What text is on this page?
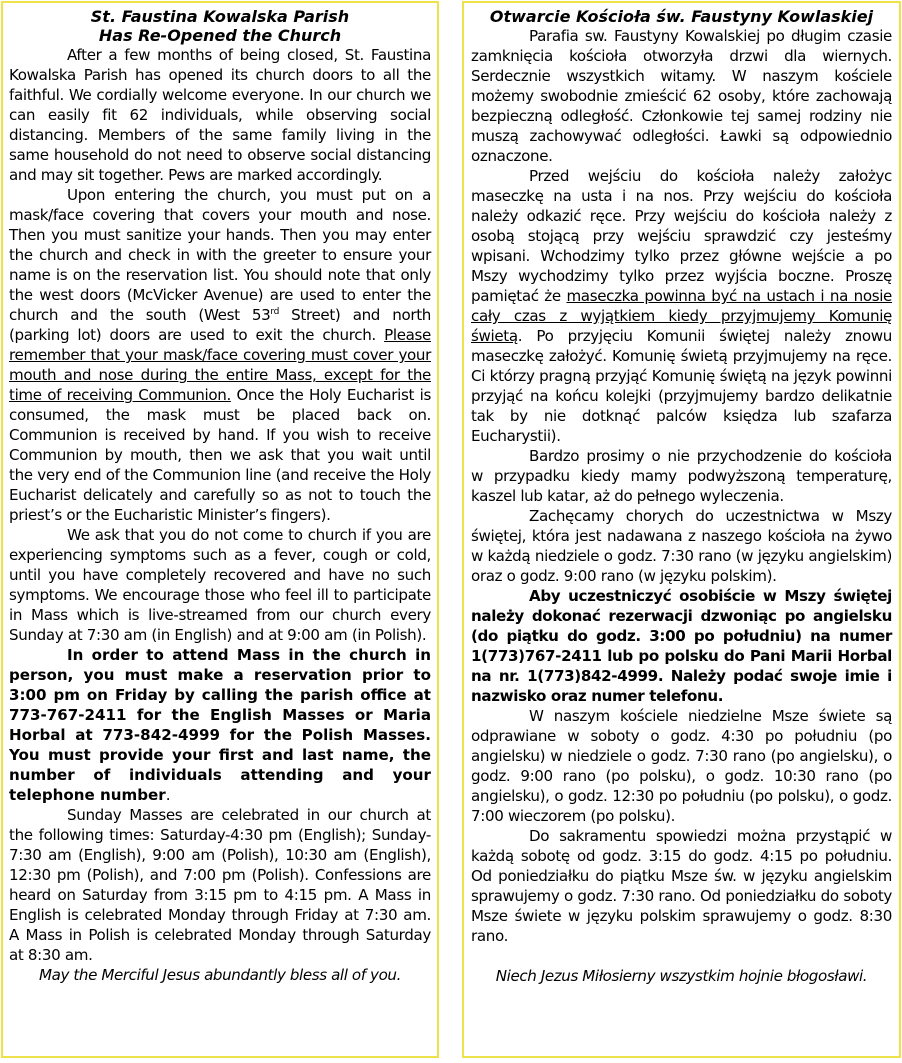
St. Faustina Kowalska Parish
Has Re-Opened the Church

After a few months of being closed, St. Faustina Kowalska Parish has opened its church doors to all the faithful. We cordially welcome everyone. In our church we can easily fit 62 individuals, while observing social distancing. Members of the same family living in the same household do not need to observe social distancing and may sit together. Pews are marked accordingly.

Upon entering the church, you must put on a mask/face covering that covers your mouth and nose. Then you must sanitize your hands. Then you may enter the church and check in with the greeter to ensure your name is on the reservation list. You should note that only the west doors (McVicker Avenue) are used to enter the church and the south (West 53rd Street) and north (parking lot) doors are used to exit the church. Please remember that your mask/face covering must cover your mouth and nose during the entire Mass, except for the time of receiving Communion. Once the Holy Eucharist is consumed, the mask must be placed back on. Communion is received by hand. If you wish to receive Communion by mouth, then we ask that you wait until the very end of the Communion line (and receive the Holy Eucharist delicately and carefully so as not to touch the priest’s or the Eucharistic Minister’s fingers).

We ask that you do not come to church if you are experiencing symptoms such as a fever, cough or cold, until you have completely recovered and have no such symptoms. We encourage those who feel ill to participate in Mass which is live-streamed from our church every Sunday at 7:30 am (in English) and at 9:00 am (in Polish).

In order to attend Mass in the church in person, you must make a reservation prior to 3:00 pm on Friday by calling the parish office at 773-767-2411 for the English Masses or Maria Horbal at 773-842-4999 for the Polish Masses. You must provide your first and last name, the number of individuals attending and your telephone number.

Sunday Masses are celebrated in our church at the following times: Saturday-4:30 pm (English); Sunday-7:30 am (English), 9:00 am (Polish), 10:30 am (English), 12:30 pm (Polish), and 7:00 pm (Polish). Confessions are heard on Saturday from 3:15 pm to 4:15 pm. A Mass in English is celebrated Monday through Friday at 7:30 am. A Mass in Polish is celebrated Monday through Saturday at 8:30 am.

May the Merciful Jesus abundantly bless all of you.
Otwarcie Kościoła św. Faustyny Kowlaskiej

Parafia sw. Faustyny Kowalskiej po długim czasie zamknięcia kościoła otworzyła drzwi dla wiernych. Serdecznie wszystkich witamy. W naszym kościele możemy swobodnie zmieścić 62 osoby, które zachowają bezpieczną odległość. Członkowie tej samej rodziny nie muszą zachowywać odległości. Ławki są odpowiednio oznaczone.

Przed wejściu do kościoła należy założyc maseczkę na usta i na nos. Przy wejściu do kościoła należy odkazić ręce. Przy wejściu do kościoła należy z osobą stojącą przy wejściu sprawdzić czy jesteśmy wpisani. Wchodzimy tylko przez główne wejście a po Mszy wychodzimy tylko przez wyjścia boczne. Proszę pamiętać że maseczka powinna być na ustach i na nosie cały czas z wyjątkiem kiedy przyjmujemy Komunię świetą. Po przyjęciu Komunii świętej należy znowu maseczkę założyć. Komunię świetą przyjmujemy na ręce. Ci którzy pragną przyjąć Komunię świętą na język powinni przyjąć na końcu kolejki (przyjmujemy bardzo delikatnie tak by nie dotknąć palców księdza lub szafarza Eucharystii).

Bardzo prosimy o nie przychodzenie do kościoła w przypadku kiedy mamy podwyższoną temperaturę, kaszel lub katar, aż do pełnego wyleczenia.

Zachęcamy chorych do uczestnictwa w Mszy świętej, która jest nadawana z naszego kościoła na żywo w każdą niedziele o godz. 7:30 rano (w języku angielskim) oraz o godz. 9:00 rano (w języku polskim).

Aby uczestniczyć osobiście w Mszy świętej należy dokonać rezerwacji dzwoniąc po angielsku (do piątku do godz. 3:00 po południu) na numer 1(773)767-2411 lub po polsku do Pani Marii Horbal na nr. 1(773)842-4999. Należy podać swoje imie i nazwisko oraz numer telefonu.

W naszym kościele niedzielne Msze świete są odprawiane w soboty o godz. 4:30 po południu (po angielsku) w niedziele o godz. 7:30 rano (po angielsku), o godz. 9:00 rano (po polsku), o godz. 10:30 rano (po angielsku), o godz. 12:30 po południu (po polsku), o godz. 7:00 wieczorem (po polsku).

Do sakramentu spowiedzi można przystąpić w każdą sobotę od godz. 3:15 do godz. 4:15 po południu. Od poniedziałku do piątku Msze św. w języku angielskim sprawujemy o godz. 7:30 rano. Od poniedziałku do soboty Msze świete w języku polskim sprawujemy o godz. 8:30 rano.

Niech Jezus Miłosierny wszystkim hojnie błogosławi.
